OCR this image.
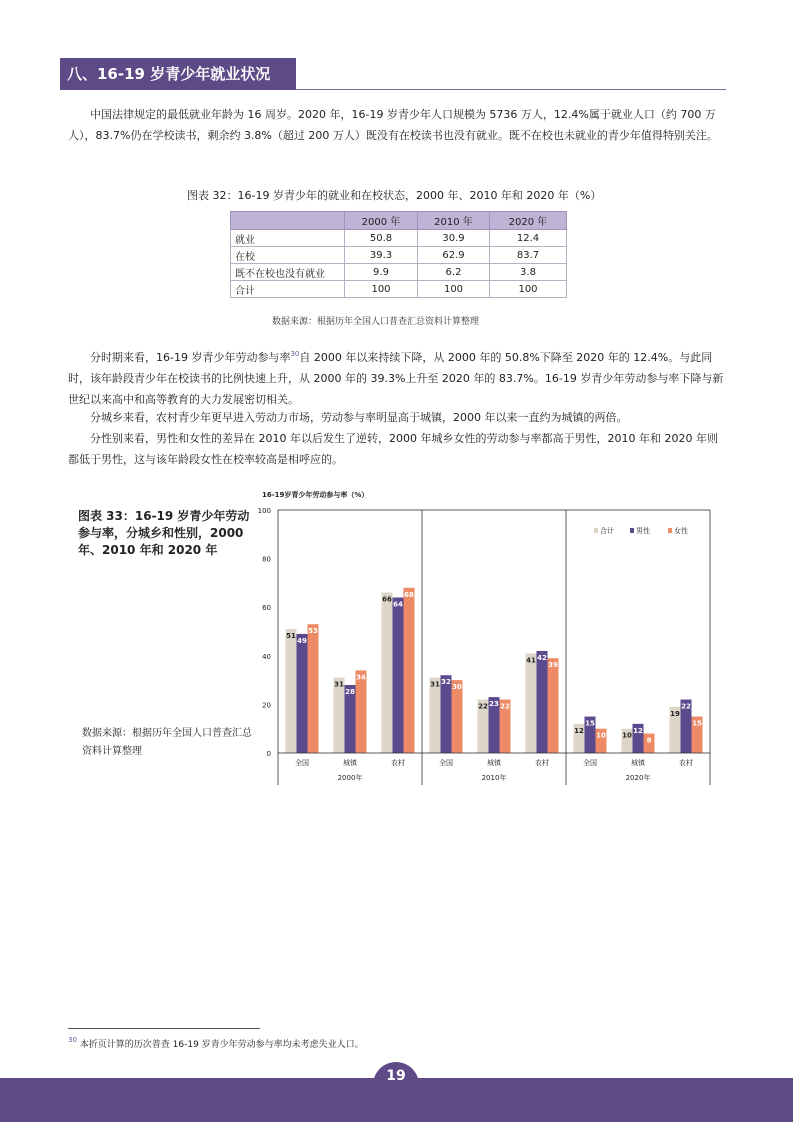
八、16-19 岁青少年就业状况

中国法律规定的最低就业年龄为 16 周岁。2020 年，16-19 岁青少年人口规模为 5736 万人，12.4%属于就业人口（约 700 万人），83.7%仍在学校读书，剩余约 3.8%（超过 200 万人）既没有在校读书也没有就业。既不在校也未就业的青少年值得特别关注。

图表 32：16-19 岁青少年的就业和在校状态，2000 年、2010 年和 2020 年（%）
	2000 年	2010 年	2020 年
就业	50.8	30.9	12.4
在校	39.3	62.9	83.7
既不在校也没有就业	9.9	6.2	3.8
合计	100	100	100
数据来源：根据历年全国人口普查汇总资料计算整理

分时期来看，16-19 岁青少年劳动参与率$^{30}$自 2000 年以来持续下降，从 2000 年的 50.8%下降至 2020 年的 12.4%。与此同时，该年龄段青少年在校读书的比例快速上升，从 2000 年的 39.3%上升至 2020 年的 83.7%。16-19 岁青少年劳动参与率下降与新世纪以来高中和高等教育的大力发展密切相关。

分城乡来看，农村青少年更早进入劳动力市场，劳动参与率明显高于城镇，2000 年以来一直约为城镇的两倍。

分性别来看，男性和女性的差异在 2010 年以后发生了逆转，2000 年城乡女性的劳动参与率都高于男性，2010 年和 2020 年则都低于男性，这与该年龄段女性在校率较高是相呼应的。

图表 33：16-19 岁青少年劳动参与率，分城乡和性别，2000 年、2010 年和 2020 年

数据来源：根据历年全国人口普查汇总资料计算整理

16-19岁青少年劳动参与率（%）
0
20
40
60
80
100
51
49
53
全国
31
28
34
城镇
66
64
68
农村
2000年
31 32
30
全国
22 23 22
城镇
41 42
39
农村
2010年
12
15
10
全国
10
12
8
城镇
19
22
15
农村
2020年
合计	男性	女性
$^{30}$ 本折页计算的历次普查 16-19 岁青少年劳动参与率均未考虑失业人口。
19
